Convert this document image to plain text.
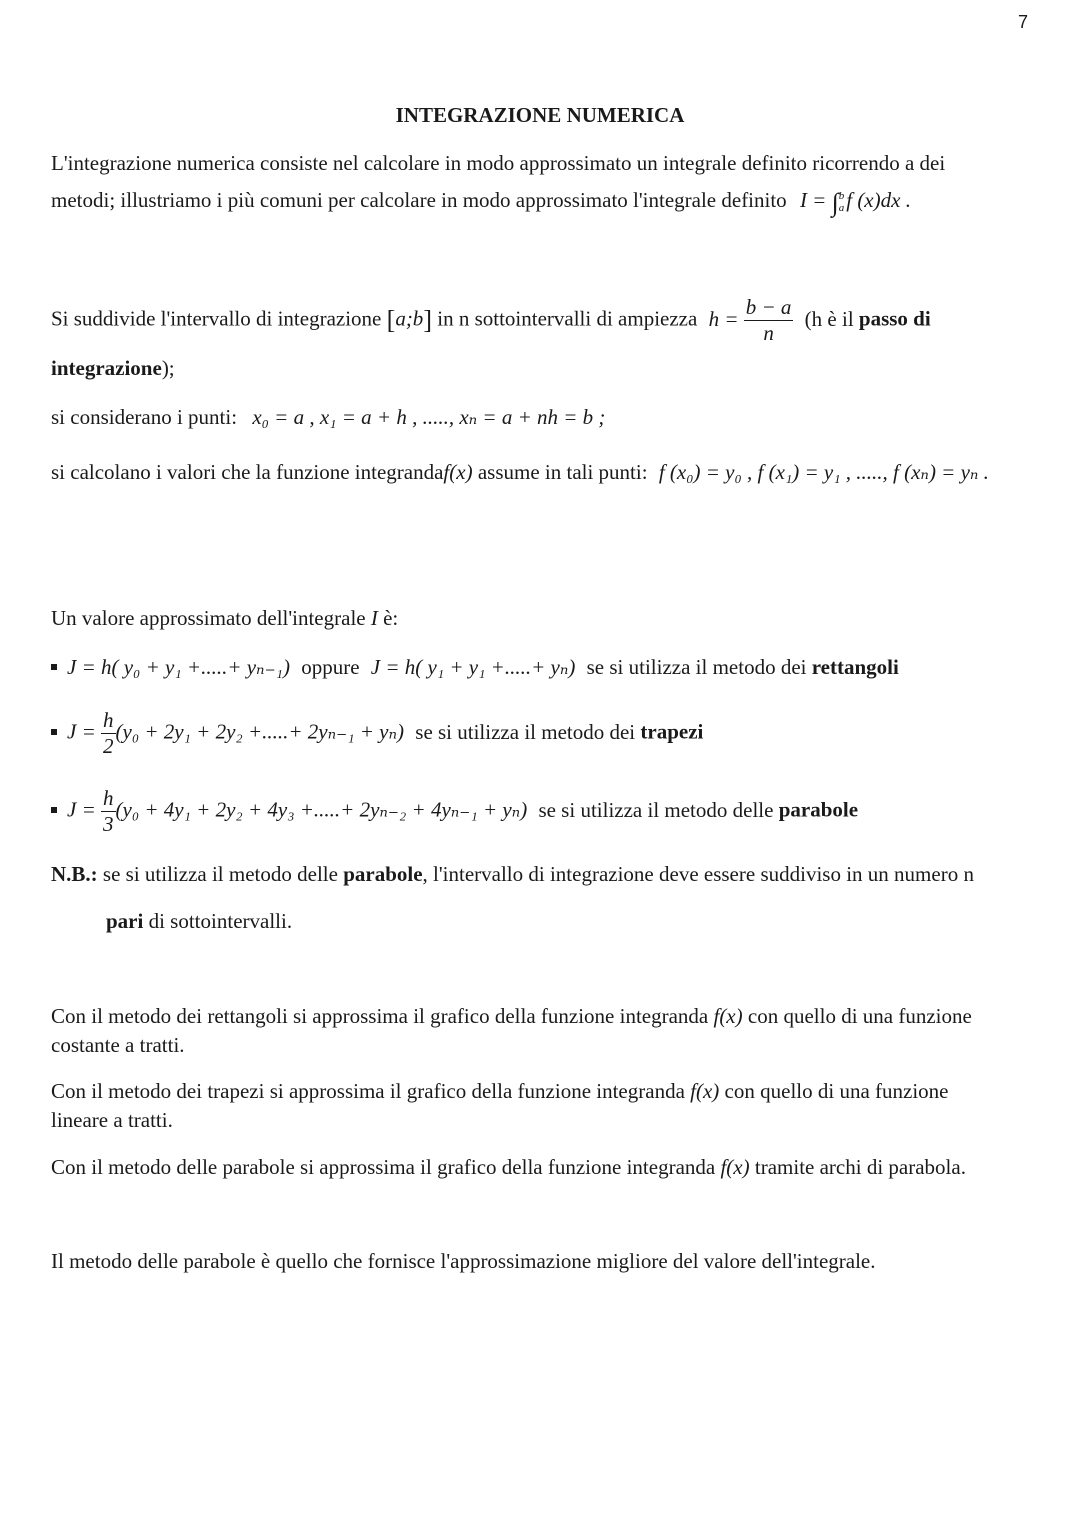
7
INTEGRAZIONE NUMERICA
L'integrazione numerica consiste nel calcolare in modo approssimato un integrale definito ricorrendo a dei
metodi; illustriamo i più comuni per calcolare in modo approssimato l'integrale definito I = ∫ b
a f (x)dx .
Si suddivide l'intervallo di integrazione [a;b] in n sottointervalli di ampiezza $h = \frac{b - a}{n} (h$ è il passo di
integrazione);
si considerano i punti: x₀ = a , x₁ = a + h , ....., xₙ = a + nh = b ;
si calcolano i valori che la funzione integrandaf(x) assume in tali punti: f (x₀) = y₀ , f (x₁) = y₁ , ....., f (xₙ) = yₙ .
Un valore approssimato dell'integrale I è:
J = h( y₀ + y₁ +.....+ yₙ₋₁) oppure J = h( y₁ + y₁ +.....+ yₙ) se si utilizza il metodo dei rettangoli
$J = \frac{h}{2} (y_0 + 2y_1 + 2y_2$ +.....+ 2yₙ₋₁ + yₙ) se si utilizza il metodo dei trapezi
$J = \frac{h}{3} (y_0 + 4y_1 + 2y_2 + 4y_3$ +.....+ 2yₙ₋₂ + 4yₙ₋₁ + yₙ) se si utilizza il metodo delle parabole
N.B.: se si utilizza il metodo delle parabole, l'intervallo di integrazione deve essere suddiviso in un numero n
pari di sottointervalli.
Con il metodo dei rettangoli si approssima il grafico della funzione integranda f(x) con quello di una funzione
costante a tratti.
Con il metodo dei trapezi si approssima il grafico della funzione integranda f(x) con quello di una funzione
lineare a tratti.
Con il metodo delle parabole si approssima il grafico della funzione integranda f(x) tramite archi di parabola.
Il metodo delle parabole è quello che fornisce l'approssimazione migliore del valore dell'integrale.
